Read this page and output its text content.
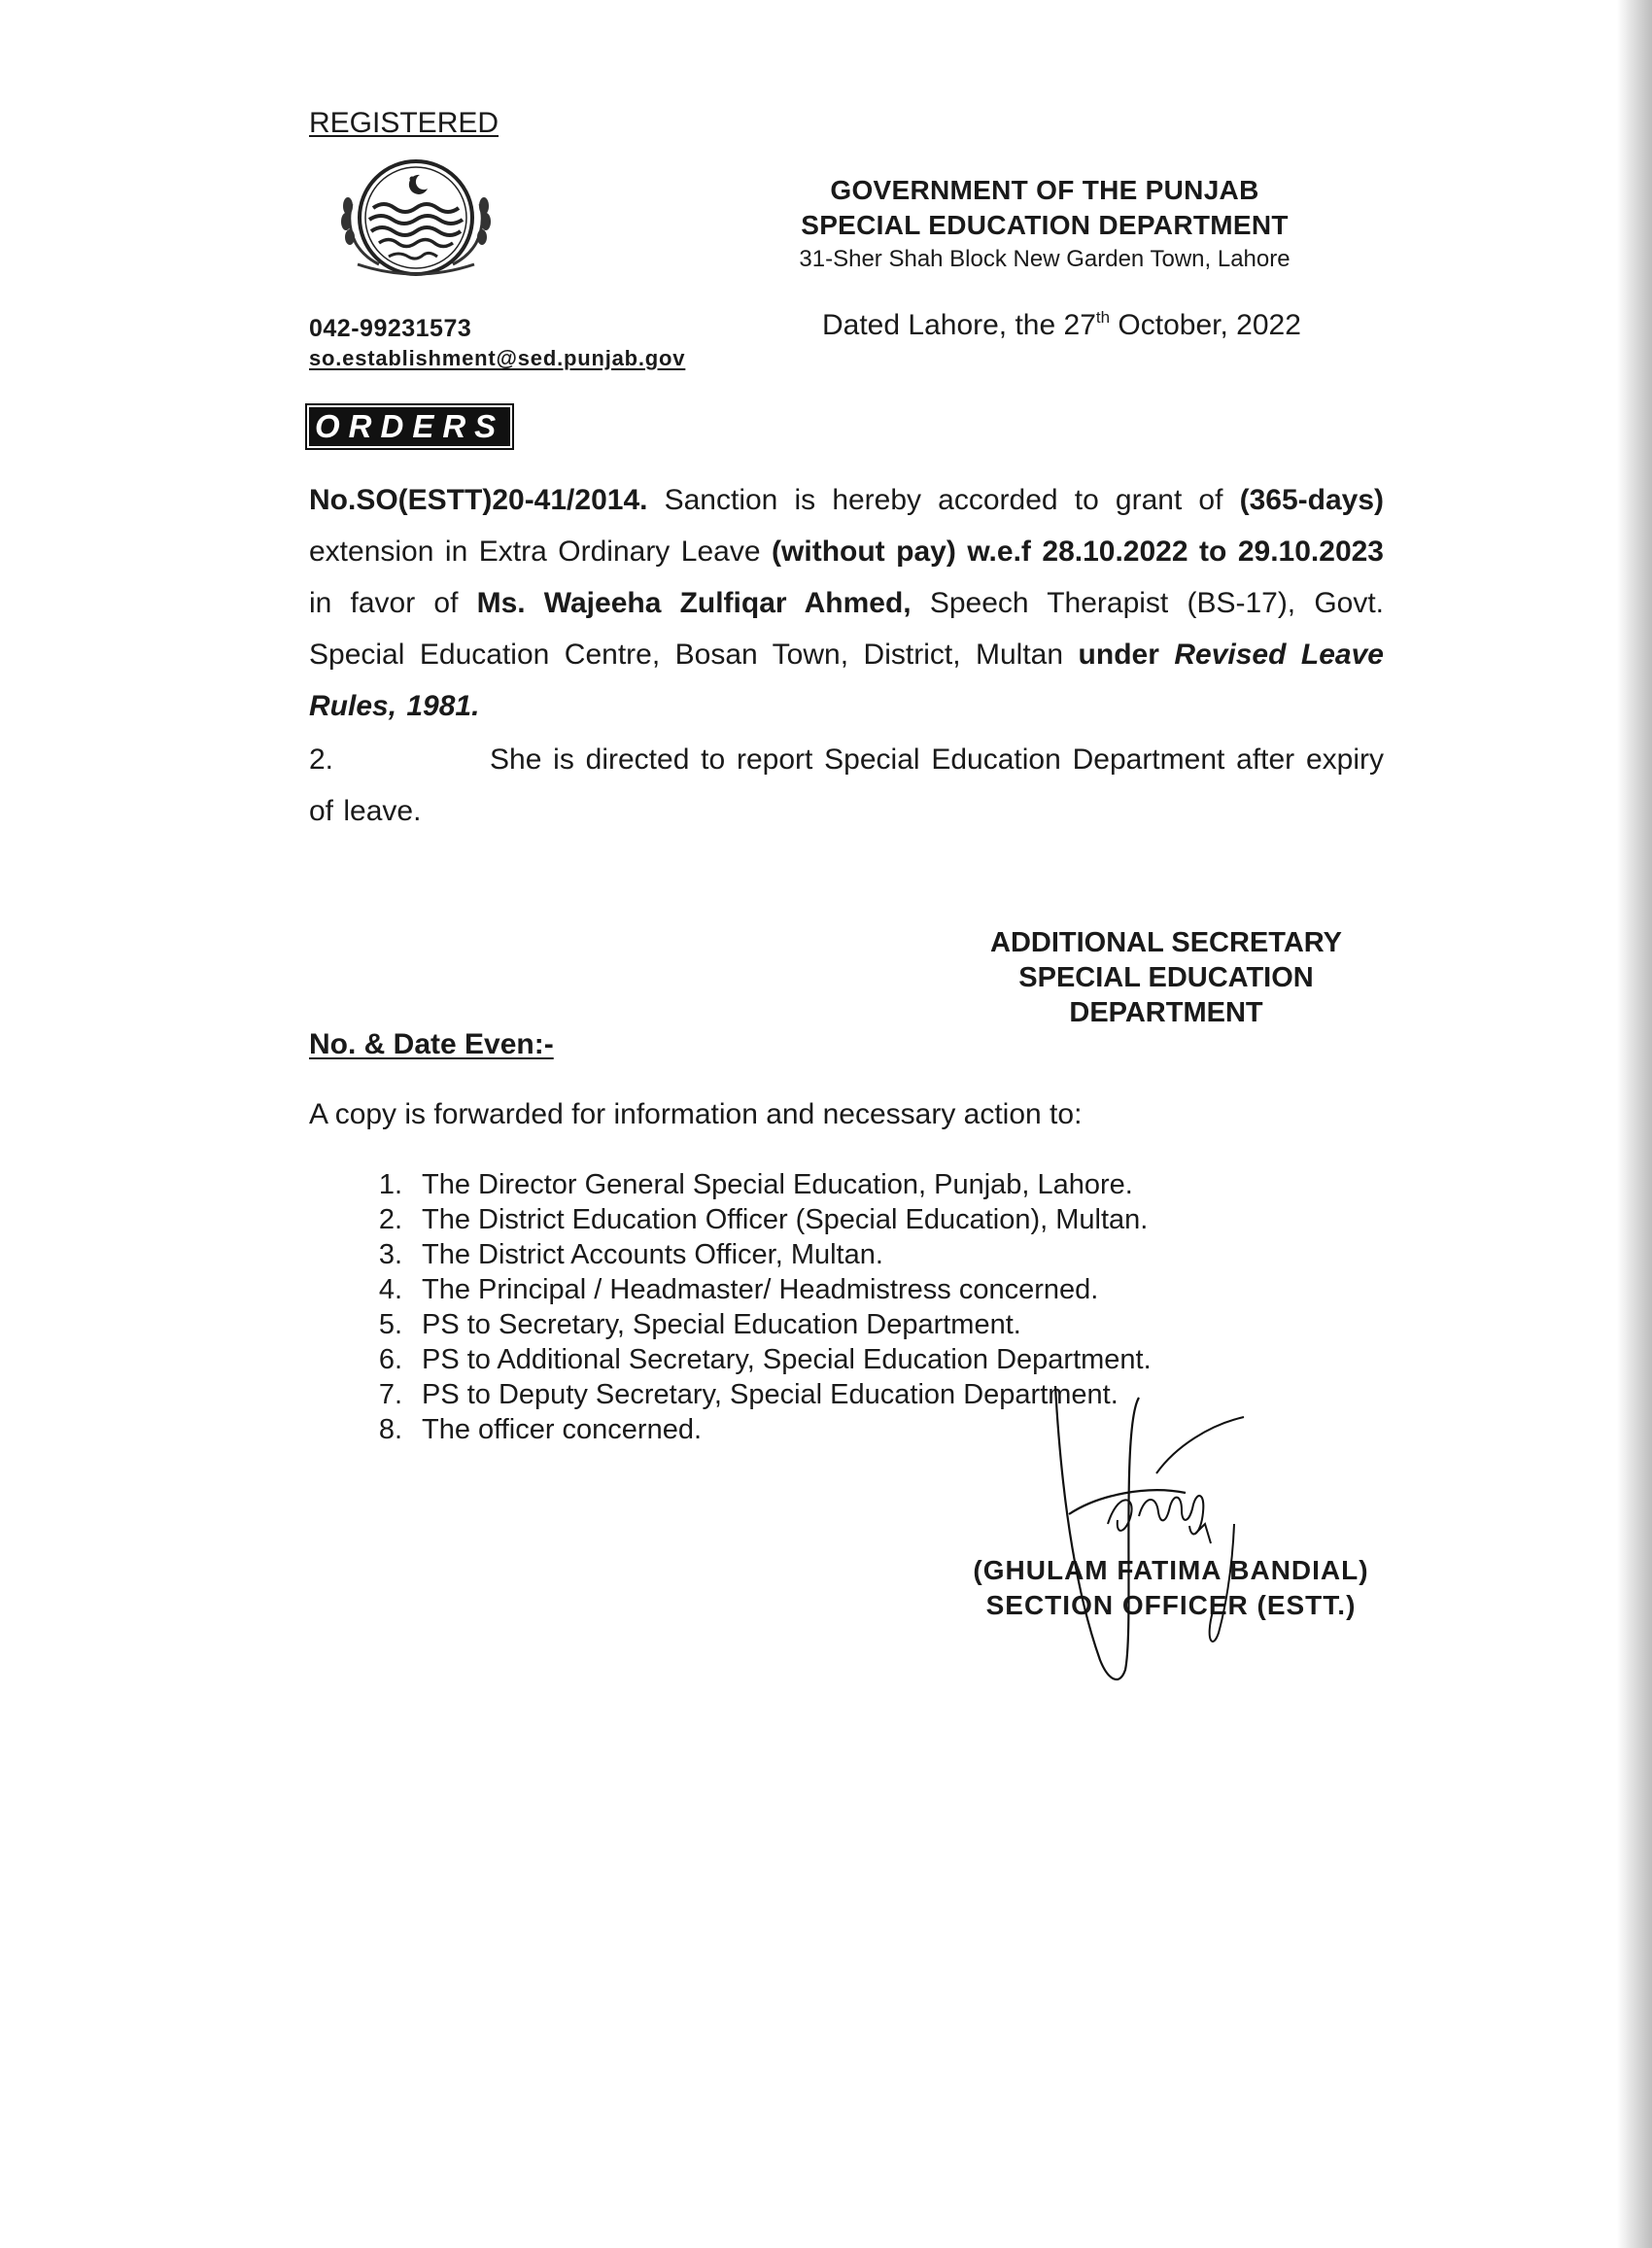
REGISTERED
GOVERNMENT OF THE PUNJAB
SPECIAL EDUCATION DEPARTMENT
31-Sher Shah Block New Garden Town, Lahore
042-99231573
so.establishment@sed.punjab.gov
Dated Lahore, the 27th October, 2022
ORDERS
No.SO(ESTT)20-41/2014. Sanction is hereby accorded to grant of (365-days) extension in Extra Ordinary Leave (without pay) w.e.f 28.10.2022 to 29.10.2023 in favor of Ms. Wajeeha Zulfiqar Ahmed, Speech Therapist (BS-17), Govt. Special Education Centre, Bosan Town, District, Multan under Revised Leave Rules, 1981.
2.	She is directed to report Special Education Department after expiry of leave.
ADDITIONAL SECRETARY
SPECIAL EDUCATION
DEPARTMENT
No. & Date Even:-
A copy is forwarded for information and necessary action to:
1. The Director General Special Education, Punjab, Lahore.
2. The District Education Officer (Special Education), Multan.
3. The District Accounts Officer, Multan.
4. The Principal / Headmaster/ Headmistress concerned.
5. PS to Secretary, Special Education Department.
6. PS to Additional Secretary, Special Education Department.
7. PS to Deputy Secretary, Special Education Department.
8. The officer concerned.
(GHULAM FATIMA BANDIAL)
SECTION OFFICER (ESTT.)
